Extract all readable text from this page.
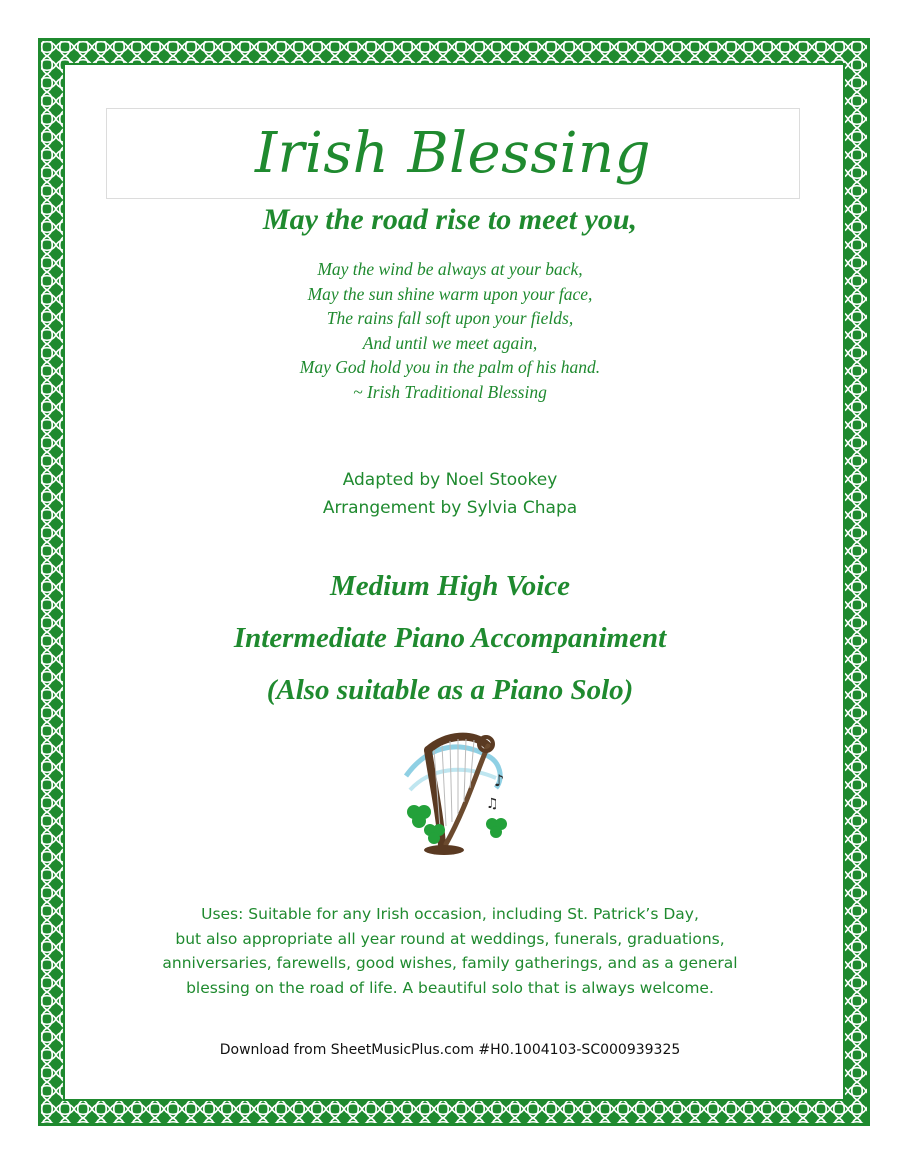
Irish Blessing
May the road rise to meet you,
May the wind be always at your back,
May the sun shine warm upon your face,
The rains fall soft upon your fields,
And until we meet again,
May God hold you in the palm of his hand.
~ Irish Traditional Blessing
Adapted by Noel Stookey
Arrangement by Sylvia Chapa
Medium High Voice
Intermediate Piano Accompaniment
(Also suitable as a Piano Solo)
♪
♫
Uses: Suitable for any Irish occasion, including St. Patrick’s Day,
but also appropriate all year round at weddings, funerals, graduations,
anniversaries, farewells, good wishes, family gatherings, and as a general
blessing on the road of life. A beautiful solo that is always welcome.
Download from SheetMusicPlus.com #H0.1004103-SC000939325
